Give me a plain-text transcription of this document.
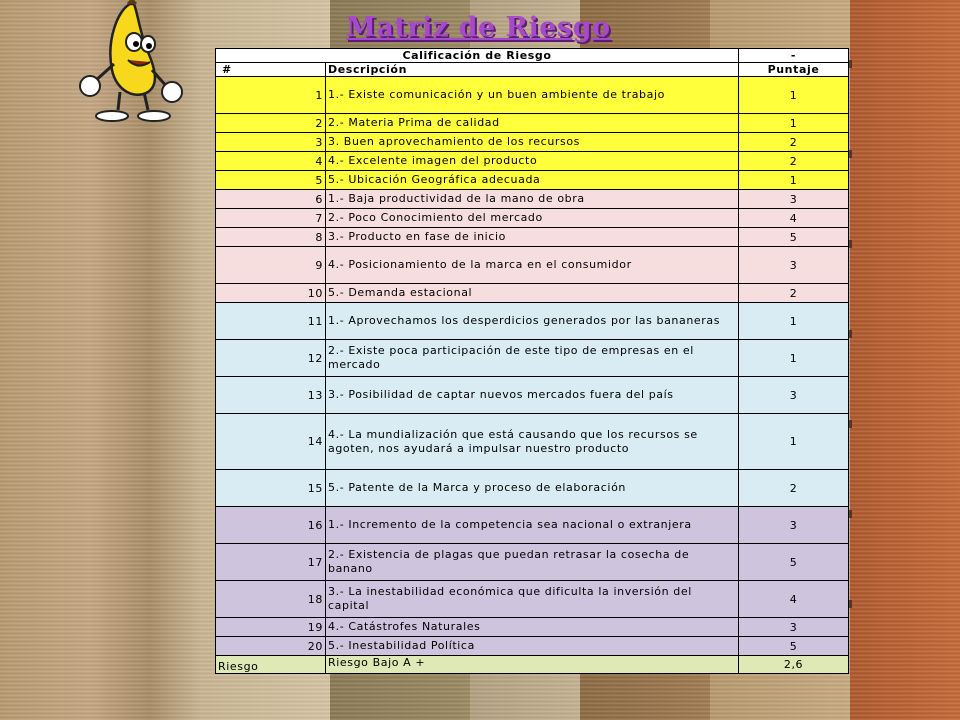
Matriz de Riesgo
Calificación de Riesgo		-
#	Descripción	Puntaje
1	1.- Existe comunicación y un buen ambiente de trabajo	1
2	2.- Materia Prima de calidad	1
3	3. Buen aprovechamiento de los recursos	2
4	4.- Excelente imagen del producto	2
5	5.- Ubicación Geográfica adecuada	1
6	1.- Baja productividad de la mano de obra	3
7	2.- Poco Conocimiento del mercado	4
8	3.- Producto en fase de inicio	5
9	4.- Posicionamiento de la marca en el consumidor	3
10	5.- Demanda estacional	2
11	1.- Aprovechamos los desperdicios generados por las bananeras	1
12	2.- Existe poca participación de este tipo de empresas en el mercado	1
13	3.- Posibilidad de captar nuevos mercados fuera del país	3
14	4.- La mundialización que está causando que los recursos se agoten, nos ayudará a impulsar nuestro producto	1
15	5.- Patente de la Marca y proceso de elaboración	2
16	1.- Incremento de la competencia sea nacional o extranjera	3
17	2.- Existencia de plagas que puedan retrasar la cosecha de banano	5
18	3.- La inestabilidad económica que dificulta la inversión del capital	4
19	4.- Catástrofes Naturales	3
20	5.- Inestabilidad Política	5
Riesgo	Riesgo Bajo A +	2,6
